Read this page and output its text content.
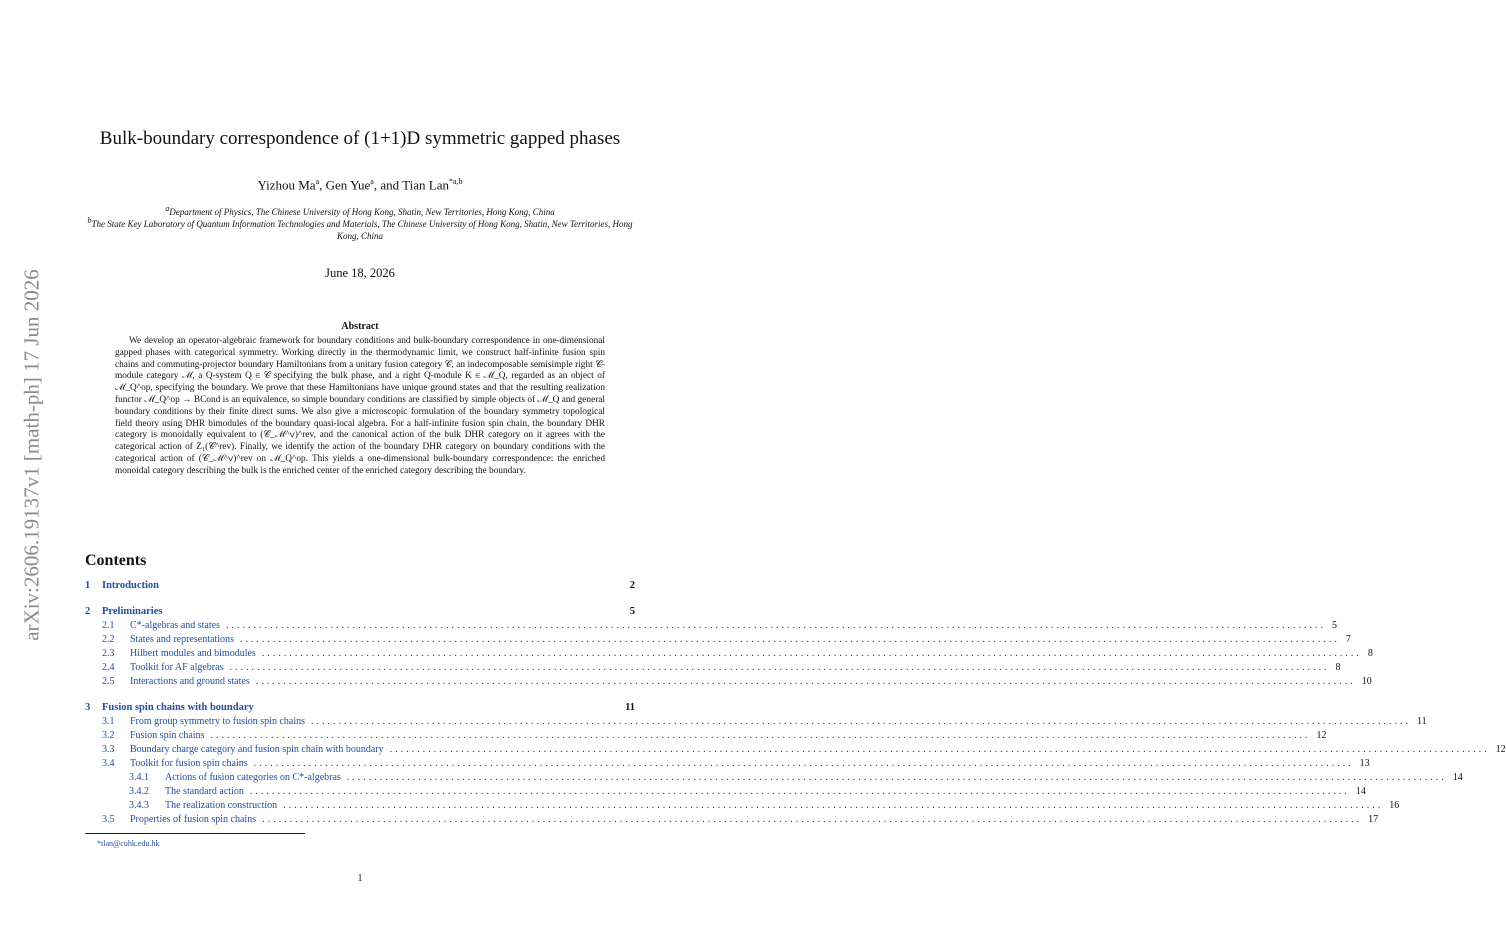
arXiv:2606.19137v1 [math-ph] 17 Jun 2026
Bulk-boundary correspondence of (1+1)D symmetric gapped phases
Yizhou Ma$^a$, Gen Yue$^a$, and Tian Lan$^{*a,b}$
$^a$Department of Physics, The Chinese University of Hong Kong, Shatin, New Territories, Hong Kong, China
$^b$The State Key Laboratory of Quantum Information Technologies and Materials, The Chinese University of Hong Kong, Shatin, New Territories, Hong Kong, China
June 18, 2026
Abstract
We develop an operator-algebraic framework for boundary conditions and bulk-boundary correspondence in one-dimensional gapped phases with categorical symmetry. Working directly in the thermodynamic limit, we construct half-infinite fusion spin chains and commuting-projector boundary Hamiltonians from a unitary fusion category 𝒞, an indecomposable semisimple right 𝒞-module category ℳ, a Q-system Q ∈ 𝒞 specifying the bulk phase, and a right Q-module K ∈ ℳ_Q, regarded as an object of ℳ_Q^op, specifying the boundary. We prove that these Hamiltonians have unique ground states and that the resulting realization functor ℳ_Q^op → BCond is an equivalence, so simple boundary conditions are classified by simple objects of ℳ_Q and general boundary conditions by their finite direct sums. We also give a microscopic formulation of the boundary symmetry topological field theory using DHR bimodules of the boundary quasi-local algebra. For a half-infinite fusion spin chain, the boundary DHR category is monoidally equivalent to (𝒞_ℳ^∨)^rev, and the canonical action of the bulk DHR category on it agrees with the categorical action of Z₁(𝒞^rev). Finally, we identify the action of the boundary DHR category on boundary conditions with the categorical action of (𝒞_ℳ^∨)^rev on ℳ_Q^op. This yields a one-dimensional bulk-boundary correspondence: the enriched monoidal category describing the bulk is the enriched center of the enriched category describing the boundary.
Contents
1	Introduction	2
2	Preliminaries	5
2.1	C*-algebras and states ........................................................................................................................................................................................................ 5
2.2	States and representations ........................................................................................................................................................................................................ 7
2.3	Hilbert modules and bimodules ........................................................................................................................................................................................................ 8
2.4	Toolkit for AF algebras ........................................................................................................................................................................................................ 8
2.5	Interactions and ground states ........................................................................................................................................................................................................ 10
3	Fusion spin chains with boundary	11
3.1	From group symmetry to fusion spin chains ........................................................................................................................................................................................................ 11
3.2	Fusion spin chains ........................................................................................................................................................................................................ 12
3.3	Boundary charge category and fusion spin chain with boundary ........................................................................................................................................................................................................ 12
3.4	Toolkit for fusion spin chains ........................................................................................................................................................................................................ 13
3.4.1	Actions of fusion categories on C*-algebras ........................................................................................................................................................................................................ 14
3.4.2	The standard action ........................................................................................................................................................................................................ 14
3.4.3	The realization construction ........................................................................................................................................................................................................ 16
3.5	Properties of fusion spin chains ........................................................................................................................................................................................................ 17
*tlan@cuhk.edu.hk
1
